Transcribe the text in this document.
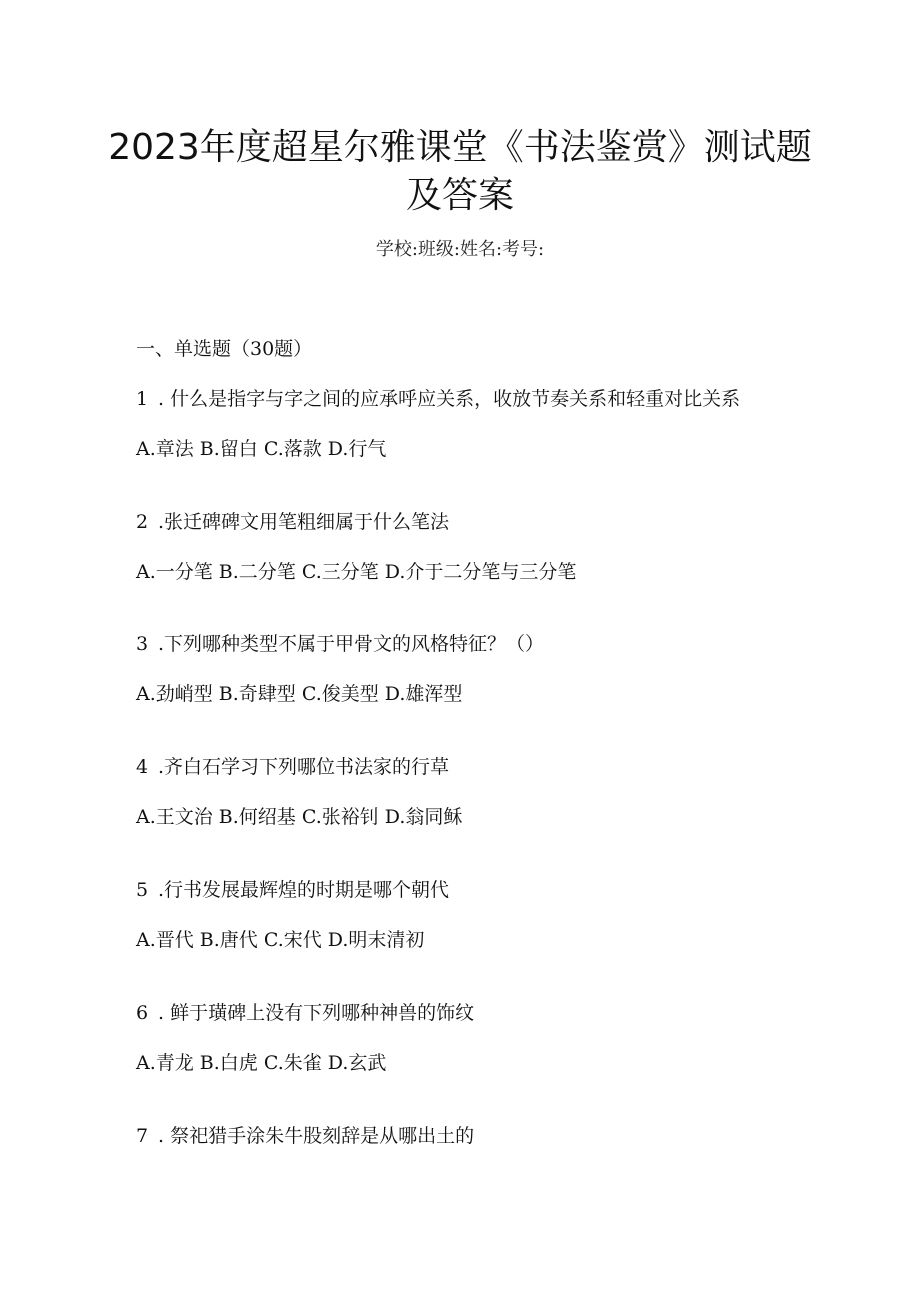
2023年度超星尔雅课堂《书法鉴赏》测试题
及答案
学校:班级:姓名:考号:
一、单选题（30题）
1 . 什么是指字与字之间的应承呼应关系，收放节奏关系和轻重对比关系
A.章法 B.留白 C.落款 D.行气
2 .张迁碑碑文用笔粗细属于什么笔法
A.一分笔 B.二分笔 C.三分笔 D.介于二分笔与三分笔
3 .下列哪种类型不属于甲骨文的风格特征？（）
A.劲峭型 B.奇肆型 C.俊美型 D.雄浑型
4 .齐白石学习下列哪位书法家的行草
A.王文治 B.何绍基 C.张裕钊 D.翁同稣
5 .行书发展最辉煌的时期是哪个朝代
A.晋代 B.唐代 C.宋代 D.明末清初
6 . 鲜于璜碑上没有下列哪种神兽的饰纹
A.青龙 B.白虎 C.朱雀 D.玄武
7 . 祭祀猎手涂朱牛股刻辞是从哪出土的
